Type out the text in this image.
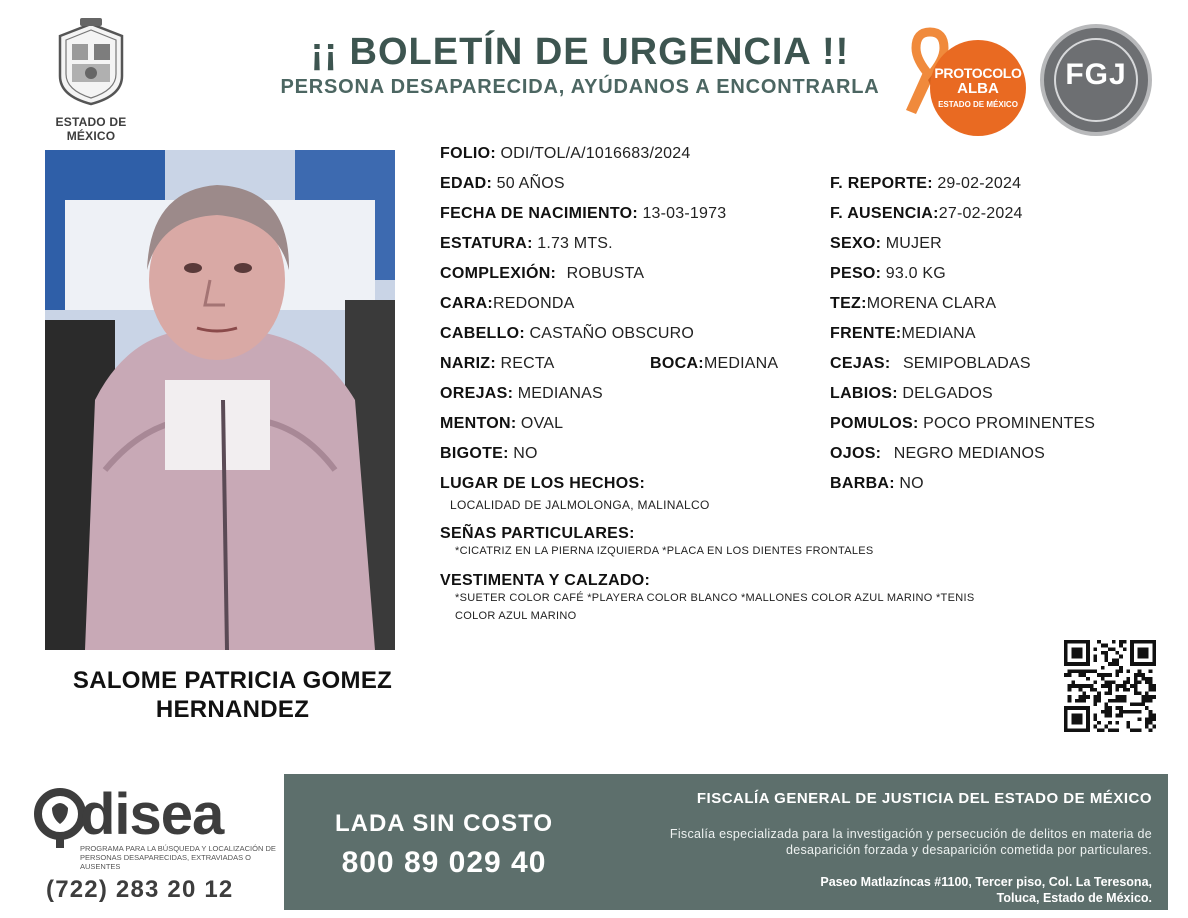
ESTADO DE MÉXICO
¡¡ BOLETÍN DE URGENCIA !!
PERSONA DESAPARECIDA, AYÚDANOS A ENCONTRARLA
PROTOCOLO
ALBA
ESTADO DE MÉXICO
FGJ
SALOME PATRICIA GOMEZ HERNANDEZ
FOLIO: ODI/TOL/A/1016683/2024
EDAD: 50 AÑOS
FECHA DE NACIMIENTO: 13-03-1973
ESTATURA: 1.73 MTS.
COMPLEXIÓN: ROBUSTA
CARA:REDONDA
CABELLO: CASTAÑO OBSCURO
NARIZ: RECTA	BOCA:MEDIANA
OREJAS: MEDIANAS
MENTON: OVAL
BIGOTE: NO
F. REPORTE: 29-02-2024
F. AUSENCIA:27-02-2024
SEXO: MUJER
PESO: 93.0 KG
TEZ:MORENA CLARA
FRENTE:MEDIANA
CEJAS: SEMIPOBLADAS
LABIOS: DELGADOS
POMULOS: POCO PROMINENTES
OJOS: NEGRO MEDIANOS
BARBA: NO
LUGAR DE LOS HECHOS:
LOCALIDAD DE JALMOLONGA, MALINALCO
SEÑAS PARTICULARES:
*CICATRIZ EN LA PIERNA IZQUIERDA *PLACA EN LOS DIENTES FRONTALES
VESTIMENTA Y CALZADO:
*SUETER COLOR CAFÉ *PLAYERA COLOR BLANCO *MALLONES COLOR AZUL MARINO *TENIS
COLOR AZUL MARINO
disea
PROGRAMA PARA LA BÚSQUEDA Y LOCALIZACIÓN DE PERSONAS DESAPARECIDAS, EXTRAVIADAS O AUSENTES
(722) 283 20 12
LADA SIN COSTO
800 89 029 40
FISCALÍA GENERAL DE JUSTICIA DEL ESTADO DE MÉXICO
Fiscalía especializada para la investigación y persecución de delitos en materia de desaparición forzada y desaparición cometida por particulares.
Paseo Matlazíncas #1100, Tercer piso, Col. La Teresona,
Toluca, Estado de México.
